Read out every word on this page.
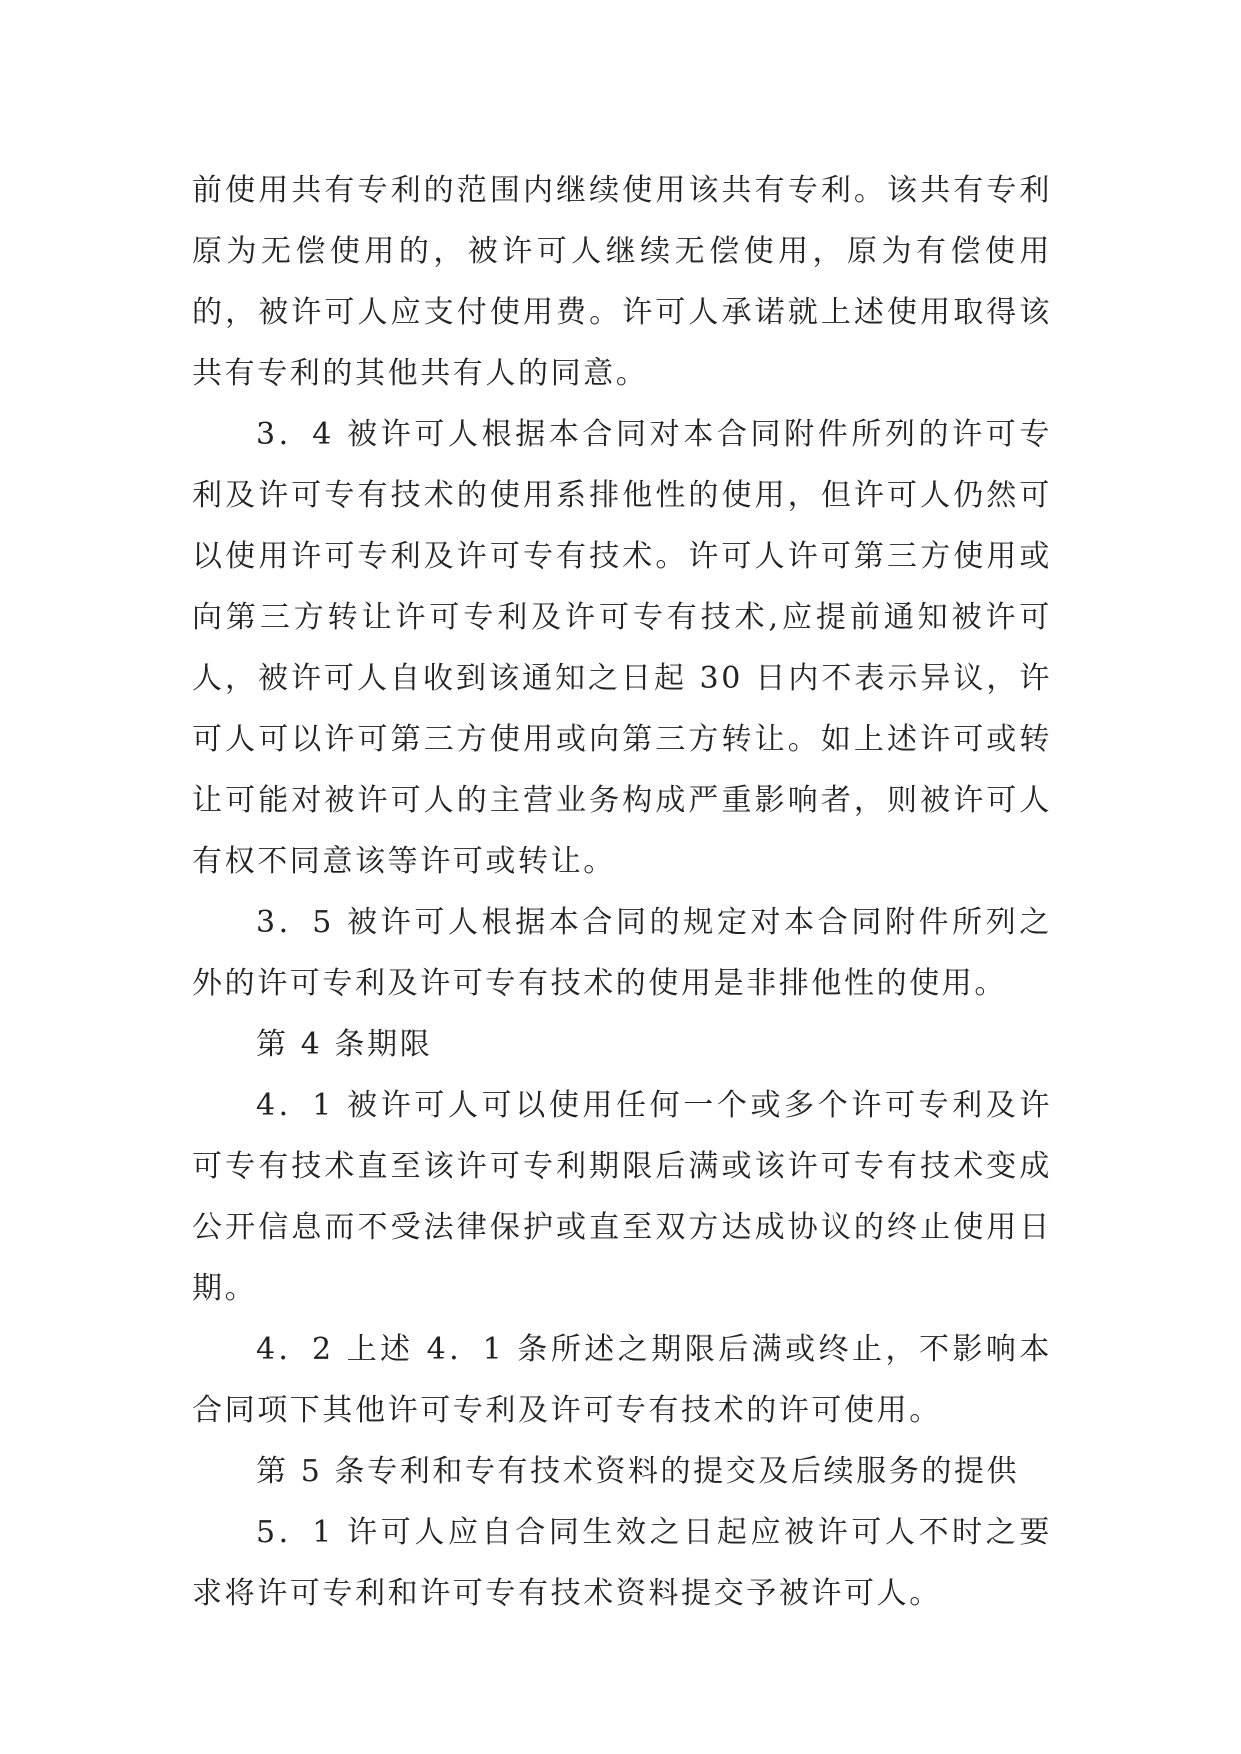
前使用共有专利的范围内继续使用该共有专利。该共有专利原为无偿使用的，被许可人继续无偿使用，原为有偿使用的，被许可人应支付使用费。许可人承诺就上述使用取得该共有专利的其他共有人的同意。

3．4 被许可人根据本合同对本合同附件所列的许可专利及许可专有技术的使用系排他性的使用，但许可人仍然可以使用许可专利及许可专有技术。许可人许可第三方使用或向第三方转让许可专利及许可专有技术,应提前通知被许可人，被许可人自收到该通知之日起 30 日内不表示异议，许可人可以许可第三方使用或向第三方转让。如上述许可或转让可能对被许可人的主营业务构成严重影响者，则被许可人有权不同意该等许可或转让。

3．5 被许可人根据本合同的规定对本合同附件所列之外的许可专利及许可专有技术的使用是非排他性的使用。

第 4 条期限

4．1 被许可人可以使用任何一个或多个许可专利及许可专有技术直至该许可专利期限后满或该许可专有技术变成公开信息而不受法律保护或直至双方达成协议的终止使用日期。

4．2 上述 4．1 条所述之期限后满或终止，不影响本合同项下其他许可专利及许可专有技术的许可使用。

第 5 条专利和专有技术资料的提交及后续服务的提供

5．1 许可人应自合同生效之日起应被许可人不时之要求将许可专利和许可专有技术资料提交予被许可人。
